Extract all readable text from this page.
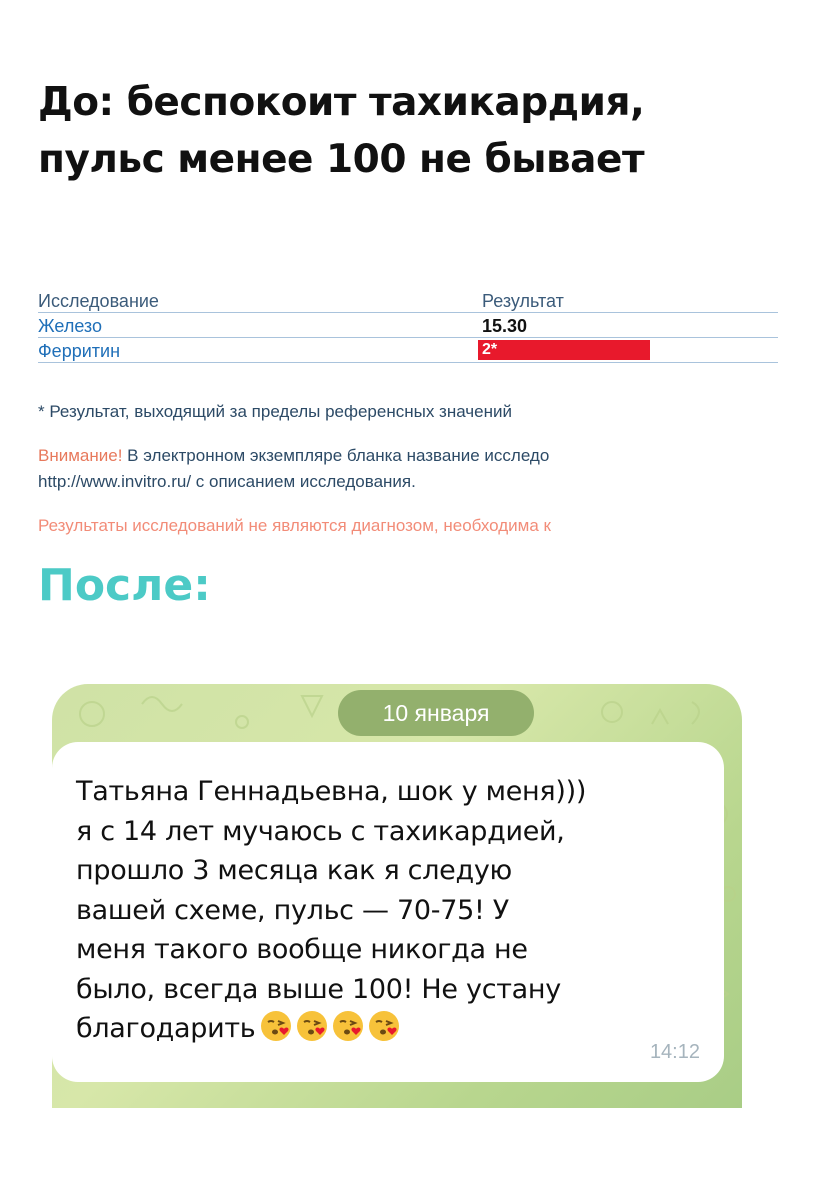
До: беспокоит тахикардия, пульс менее 100 не бывает
Исследование	Результат
Железо	15.30
Ферритин	2*
* Результат, выходящий за пределы референсных значений
Внимание! В электронном экземпляре бланка название исследо
http://www.invitro.ru/ с описанием исследования.
Результаты исследований не являются диагнозом, необходима к
После:
10 января

Татьяна Геннадьевна, шок у меня)))
я с 14 лет мучаюсь с тахикардией,
прошло 3 месяца как я следую
вашей схеме, пульс — 70-75! У
меня такого вообще никогда не
было, всегда выше 100! Не устану
благодарить

14:12
